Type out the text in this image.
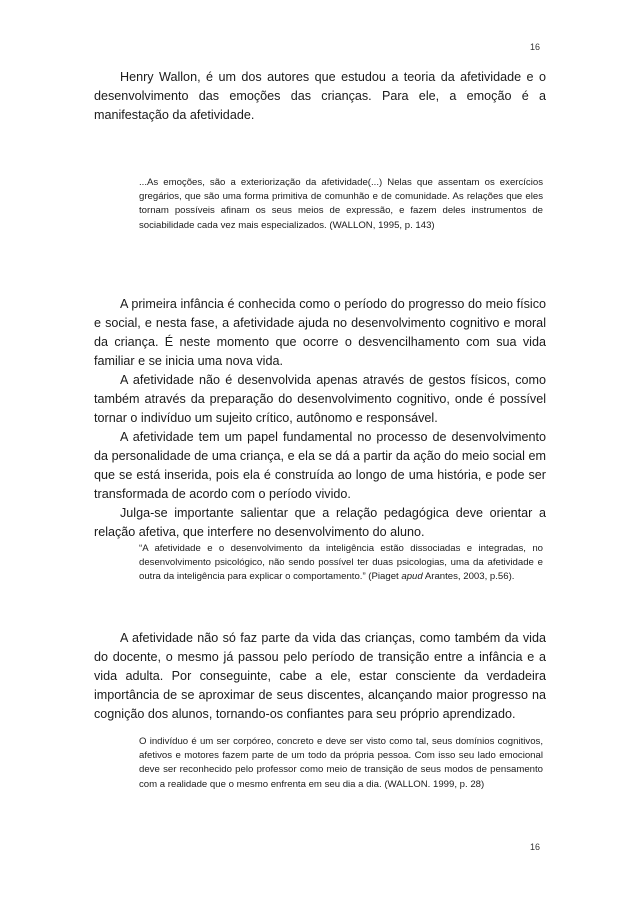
16

Henry Wallon, é um dos autores que estudou a teoria da afetividade e o desenvolvimento das emoções das crianças. Para ele, a emoção é a manifestação da afetividade.

...As emoções, são a exteriorização da afetividade(...) Nelas que assentam os exercícios gregários, que são uma forma primitiva de comunhão e de comunidade. As relações que eles tornam possíveis afinam os seus meios de expressão, e fazem deles instrumentos de sociabilidade cada vez mais especializados. (WALLON, 1995, p. 143)

A primeira infância é conhecida como o período do progresso do meio físico e social, e nesta fase, a afetividade ajuda no desenvolvimento cognitivo e moral da criança. É neste momento que ocorre o desvencilhamento com sua vida familiar e se inicia uma nova vida.

A afetividade não é desenvolvida apenas através de gestos físicos, como também através da preparação do desenvolvimento cognitivo, onde é possível tornar o indivíduo um sujeito crítico, autônomo e responsável.

A afetividade tem um papel fundamental no processo de desenvolvimento da personalidade de uma criança, e ela se dá a partir da ação do meio social em que se está inserida, pois ela é construída ao longo de uma história, e pode ser transformada de acordo com o período vivido.

Julga-se importante salientar que a relação pedagógica deve orientar a relação afetiva, que interfere no desenvolvimento do aluno.

“A afetividade e o desenvolvimento da inteligência estão dissociadas e integradas, no desenvolvimento psicológico, não sendo possível ter duas psicologias, uma da afetividade e outra da inteligência para explicar o comportamento.” (Piaget apud Arantes, 2003, p.56).

A afetividade não só faz parte da vida das crianças, como também da vida do docente, o mesmo já passou pelo período de transição entre a infância e a vida adulta. Por conseguinte, cabe a ele, estar consciente da verdadeira importância de se aproximar de seus discentes, alcançando maior progresso na cognição dos alunos, tornando-os confiantes para seu próprio aprendizado.

O indivíduo é um ser corpóreo, concreto e deve ser visto como tal, seus domínios cognitivos, afetivos e motores fazem parte de um todo da própria pessoa. Com isso seu lado emocional deve ser reconhecido pelo professor como meio de transição de seus modos de pensamento com a realidade que o mesmo enfrenta em seu dia a dia. (WALLON. 1999, p. 28)

16
